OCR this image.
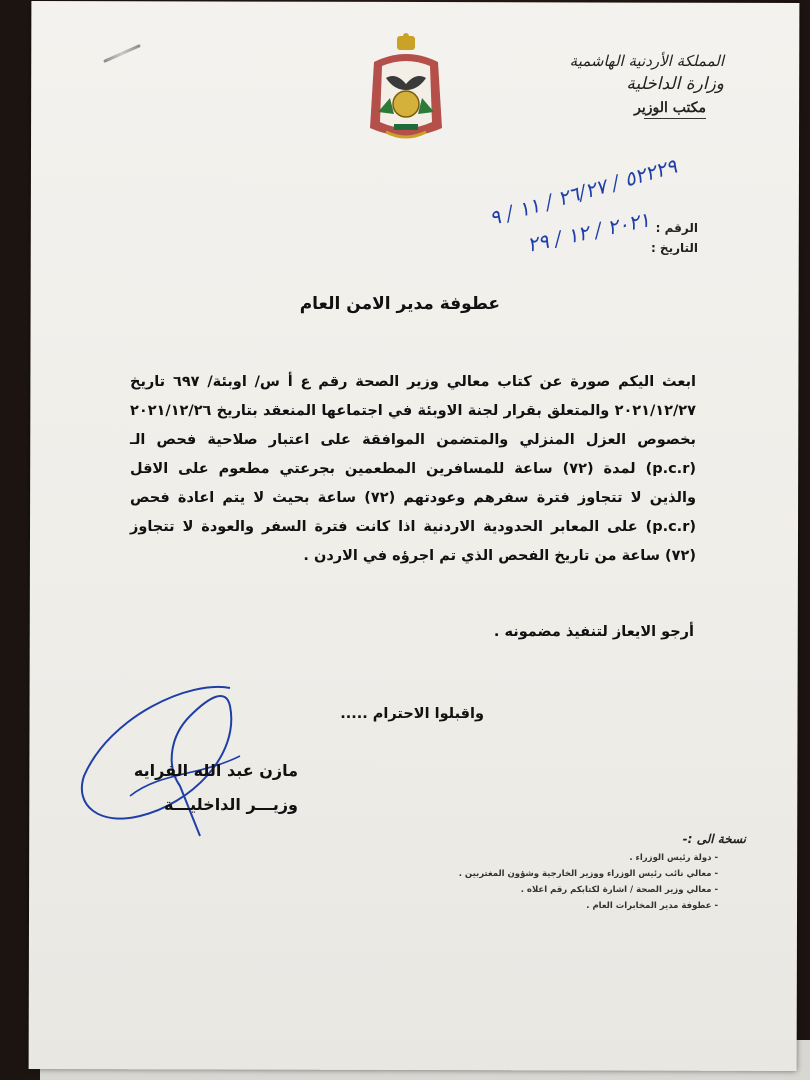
المملكة الأردنية الهاشمية
وزارة الداخلية
مكتب الوزير
٥٢٢٢٩ / ٢٦/٢٧ / ١١ / ٩
٢٠٢١ / ١٢ / ٢٩ الرقم :
التاريخ :
عطوفة مدير الامن العام

ابعث اليكم صورة عن كتاب معالي وزير الصحة رقم ع أ س/ اوبئة/ ٦٩٧ تاريخ ٢٠٢١/١٢/٢٧ والمتعلق بقرار لجنة الاوبئة في اجتماعها المنعقد بتاريخ ٢٠٢١/١٢/٢٦ بخصوص العزل المنزلي والمتضمن الموافقة على اعتبار صلاحية فحص الـ (p.c.r) لمدة (٧٢) ساعة للمسافرين المطعمين بجرعتي مطعوم على الاقل والذين لا تتجاوز فترة سفرهم وعودتهم (٧٢) ساعة بحيث لا يتم اعادة فحص (p.c.r) على المعابر الحدودية الاردنية اذا كانت فترة السفر والعودة لا تتجاوز (٧٢) ساعة من تاريخ الفحص الذي تم اجرؤه في الاردن .

أرجو الايعاز لتنفيذ مضمونه .
واقبلوا الاحترام .....
مازن عبد الله الفرايه
وزيـــر الداخليـــة
نسخة الى :-
- دولة رئيس الوزراء .
- معالي نائب رئيس الوزراء ووزير الخارجية وشؤون المغتربين .
- معالي وزير الصحة / اشارة لكتابكم رقم اعلاه .
- عطوفة مدير المخابرات العام .
